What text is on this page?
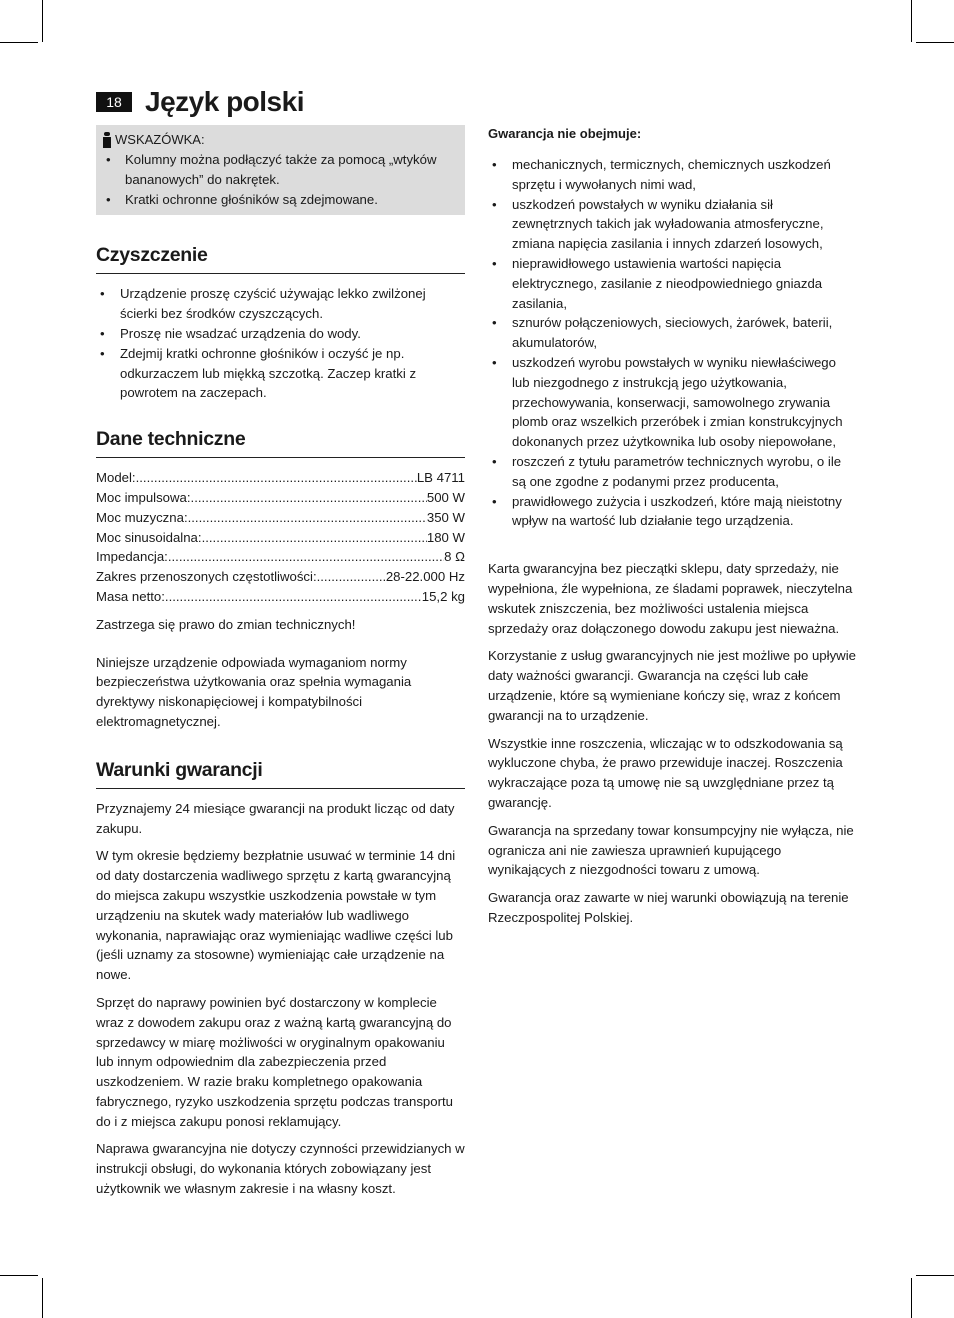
18 Język polski
WSKAZÓWKA:
• Kolumny można podłączyć także za pomocą „wtyków bananowych” do nakrętek.
• Kratki ochronne głośników są zdejmowane.
Czyszczenie
• Urządzenie proszę czyścić używając lekko zwilżonej ścierki bez środków czyszczących.
• Proszę nie wsadzać urządzenia do wody.
• Zdejmij kratki ochronne głośników i oczyść je np. odkurzaczem lub miękką szczotką. Zaczep kratki z powrotem na zaczepach.
Dane techniczne
Model: .....	LB 4711
Moc impulsowa: .....	500 W
Moc muzyczna: .....	350 W
Moc sinusoidalna: .....	180 W
Impedancja: .....	8 Ω
Zakres przenoszonych częstotliwości: .....	28-22.000 Hz
Masa netto: .....	15,2 kg

Zastrzega się prawo do zmian technicznych!

Niniejsze urządzenie odpowiada wymaganiom normy bezpieczeństwa użytkowania oraz spełnia wymagania dyrektywy niskonapięciowej i kompatybilności elektromagnetycznej.

Warunki gwarancji

Przyznajemy 24 miesiące gwarancji na produkt licząc od daty zakupu.

W tym okresie będziemy bezpłatnie usuwać w terminie 14 dni od daty dostarczenia wadliwego sprzętu z kartą gwarancyjną do miejsca zakupu wszystkie uszkodzenia powstałe w tym urządzeniu na skutek wady materiałów lub wadliwego wykonania, naprawiając oraz wymieniając wadliwe części lub (jeśli uznamy za stosowne) wymieniając całe urządzenie na nowe.

Sprzęt do naprawy powinien być dostarczony w komplecie wraz z dowodem zakupu oraz z ważną kartą gwarancyjną do sprzedawcy w miarę możliwości w oryginalnym opakowaniu lub innym odpowiednim dla zabezpieczenia przed uszkodzeniem. W razie braku kompletnego opakowania fabrycznego, ryzyko uszkodzenia sprzętu podczas transportu do i z miejsca zakupu ponosi reklamujący.

Naprawa gwarancyjna nie dotyczy czynności przewidzianych w instrukcji obsługi, do wykonania których zobowiązany jest użytkownik we własnym zakresie i na własny koszt.

Gwarancja nie obejmuje:
• mechanicznych, termicznych, chemicznych uszkodzeń sprzętu i wywołanych nimi wad,
• uszkodzeń powstałych w wyniku działania sił zewnętrznych takich jak wyładowania atmosferyczne, zmiana napięcia zasilania i innych zdarzeń losowych,
• nieprawidłowego ustawienia wartości napięcia elektrycznego, zasilanie z nieodpowiedniego gniazda zasilania,
• sznurów połączeniowych, sieciowych, żarówek, baterii, akumulatorów,
• uszkodzeń wyrobu powstałych w wyniku niewłaściwego lub niezgodnego z instrukcją jego użytkowania, przechowywania, konserwacji, samowolnego zrywania plomb oraz wszelkich przeróbek i zmian konstrukcyjnych dokonanych przez użytkownika lub osoby niepowołane,
• roszczeń z tytułu parametrów technicznych wyrobu, o ile są one zgodne z podanymi przez producenta,
• prawidłowego zużycia i uszkodzeń, które mają nieistotny wpływ na wartość lub działanie tego urządzenia.

Karta gwarancyjna bez pieczątki sklepu, daty sprzedaży, nie wypełniona, źle wypełniona, ze śladami poprawek, nieczytelna wskutek zniszczenia, bez możliwości ustalenia miejsca sprzedaży oraz dołączonego dowodu zakupu jest nieważna.

Korzystanie z usług gwarancyjnych nie jest możliwe po upływie daty ważności gwarancji. Gwarancja na części lub całe urządzenie, które są wymieniane kończy się, wraz z końcem gwarancji na to urządzenie.

Wszystkie inne roszczenia, wliczając w to odszkodowania są wykluczone chyba, że prawo przewiduje inaczej. Roszczenia wykraczające poza tą umowę nie są uwzględniane przez tą gwarancję.

Gwarancja na sprzedany towar konsumpcyjny nie wyłącza, nie ogranicza ani nie zawiesza uprawnień kupującego wynikających z niezgodności towaru z umową.

Gwarancja oraz zawarte w niej warunki obowiązują na terenie Rzeczpospolitej Polskiej.
